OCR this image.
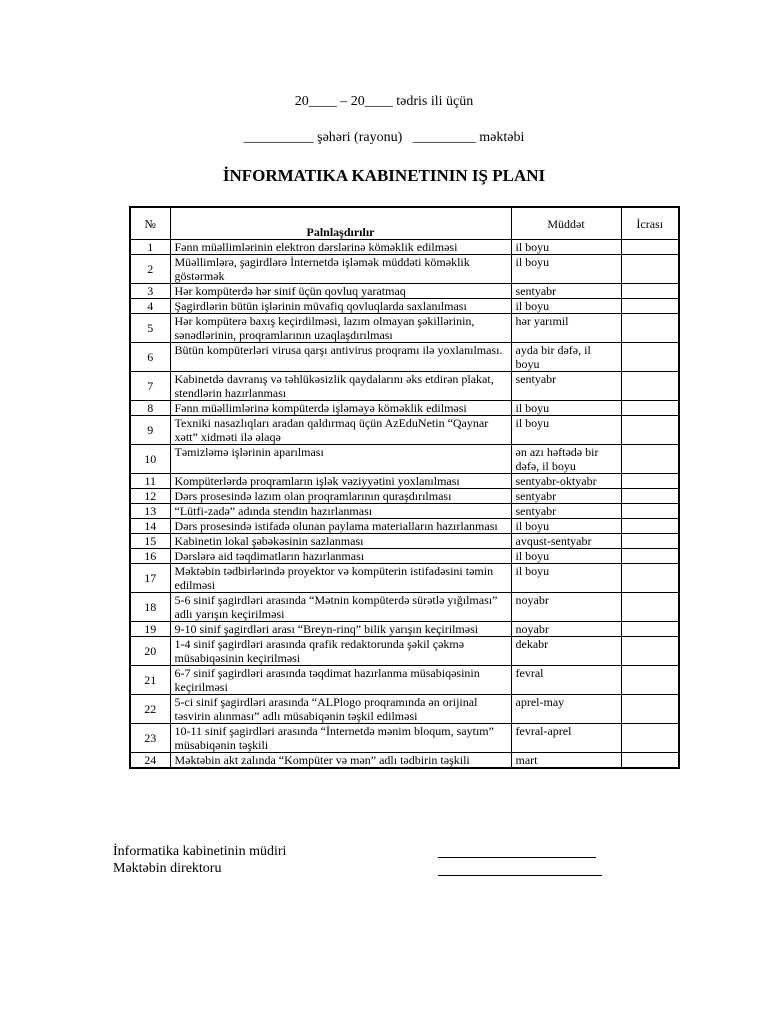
20____ – 20____ tədris ili üçün
__________ şəhəri (rayonu)   _________ məktəbi
İNFORMATIKA KABINETININ IŞ PLANI
№	Palnlaşdırılır	Müddət	İcrası
1	Fənn müəllimlərinin elektron dərslərinə köməklik edilməsi	il boyu	
2	Müəllimlərə, şagirdlərə İnternetdə işləmək müddəti köməklik göstərmək	il boyu	
3	Hər kompüterdə hər sinif üçün qovluq yaratmaq	sentyabr	
4	Şagirdlərin bütün işlərinin müvafiq qovluqlarda saxlanılması	il boyu	
5	Hər kompüterə baxış keçirdilməsi, lazım olmayan şəkillərinin, sənədlərinin, proqramlarının uzaqlaşdırılması	hər yarımil	
6	Bütün kompüterləri virusa qarşı antivirus proqramı ilə yoxlanılması.	ayda bir dəfə, il boyu	
7	Kabinetdə davranış və təhlükəsizlik qaydalarını əks etdirən plakat, stendlərin hazırlanması	sentyabr	
8	Fənn müəllimlərinə kompüterdə işləməyə köməklik edilməsi	il boyu	
9	Texniki nasazlıqları aradan qaldırmaq üçün AzEduNetin “Qaynar xətt” xidməti ilə əlaqə	il boyu	
10	Təmizləmə işlərinin aparılması	ən azı həftədə bir dəfə, il boyu	
11	Kompüterlərdə proqramların işlək vəziyyətini yoxlanılması	sentyabr-oktyabr	
12	Dərs prosesində lazım olan proqramlarının quraşdırılması	sentyabr	
13	“Lütfi-zadə” adında stendin hazırlanması	sentyabr	
14	Dərs prosesində istifadə olunan paylama materialların hazırlanması	il boyu	
15	Kabinetin lokal şəbəkəsinin sazlanması	avqust-sentyabr	
16	Dərslərə aid təqdimatların hazırlanması	il boyu	
17	Məktəbin tədbirlərində proyektor və kompüterin istifadəsini təmin edilməsi	il boyu	
18	5-6 sinif şagirdləri arasında “Mətnin kompüterdə sürətlə yığılması” adlı yarışın keçirilməsi	noyabr	
19	9-10 sinif şagirdləri arası “Breyn-rinq” bilik yarışın keçirilməsi	noyabr	
20	1-4 sinif şagirdləri arasında qrafik redaktorunda şəkil çəkmə müsabiqəsinin keçirilməsi	dekabr	
21	6-7 sinif şagirdləri arasında təqdimat hazırlanma müsabiqəsinin keçirilməsi	fevral	
22	5-ci sinif şagirdləri arasında “ALPlogo proqramında ən orijinal təsvirin alınması” adlı müsabiqənin təşkil edilməsi	aprel-may	
23	10-11 sinif şagirdləri arasında “İnternetdə mənim bloqum, saytım” müsabiqənin təşkili	fevral-aprel	
24	Məktəbin akt zalında “Kompüter və mən” adlı tədbirin təşkili	mart	
İnformatika kabinetinin müdiri
Məktəbin direktoru
